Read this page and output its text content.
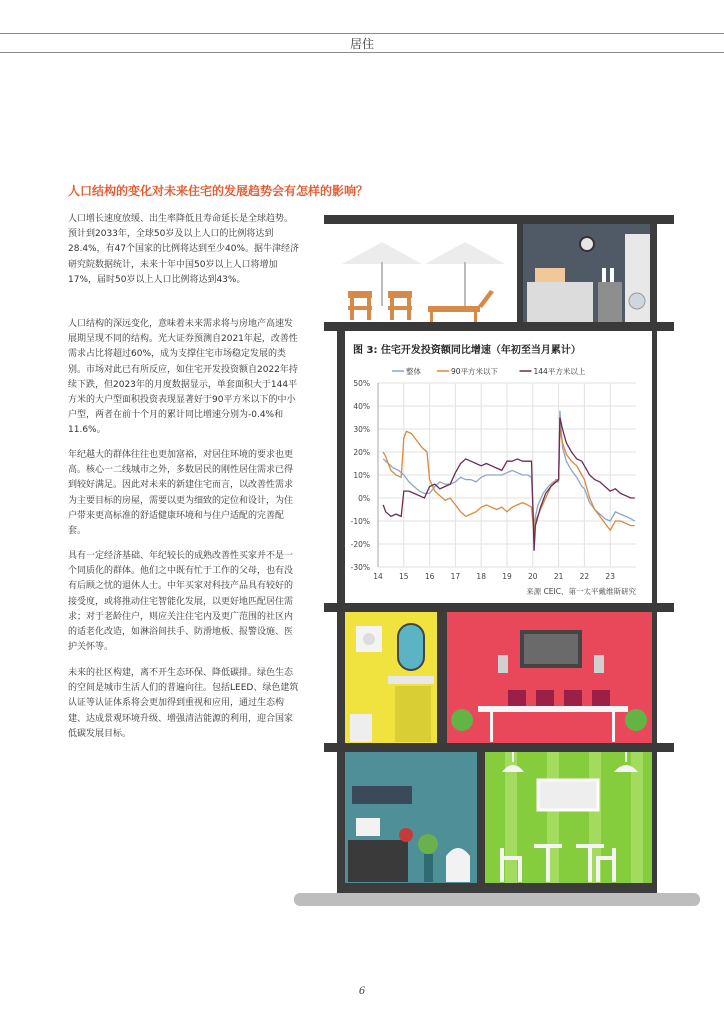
居住
人口结构的变化对未来住宅的发展趋势会有怎样的影响？

人口增长速度放缓、出生率降低且寿命延长是全球趋势。预计到2033年，全球50岁及以上人口的比例将达到28.4%，有47个国家的比例将达到至少40%。据牛津经济研究院数据统计，未来十年中国50岁以上人口将增加17%，届时50岁以上人口比例将达到43%。

人口结构的深远变化，意味着未来需求将与房地产高速发展期呈现不同的结构。光大证券预测自2021年起，改善性需求占比将超过60%，成为支撑住宅市场稳定发展的类别。市场对此已有所反应，如住宅开发投资额自2022年持续下跌，但2023年的月度数据显示，单套面积大于144平方米的大户型面积投资表现显著好于90平方米以下的中小户型，两者在前十个月的累计同比增速分别为-0.4%和11.6%。

年纪越大的群体往往也更加富裕，对居住环境的要求也更高。核心一二线城市之外，多数居民的刚性居住需求已得到较好满足。因此对未来的新建住宅而言，以改善性需求为主要目标的房屋，需要以更为细致的定位和设计，为住户带来更高标准的舒适健康环境和与住户适配的完善配套。

具有一定经济基础、年纪较长的成熟改善性买家并不是一个同质化的群体。他们之中既有忙于工作的父母，也有没有后顾之忧的退休人士。中年买家对科技产品具有较好的接受度，或将推动住宅智能化发展，以更好地匹配居住需求；对于老龄住户，则应关注住宅内及更广范围的社区内的适老化改造，如淋浴间扶手、防滑地板、报警设施、医护关怀等。

未来的社区构建，离不开生态环保、降低碳排。绿色生态的空间是城市生活人们的普遍向往。包括LEED、绿色建筑认证等认证体系将会更加得到重视和应用，通过生态构建、达成景观环境升级、增强清洁能源的利用，迎合国家低碳发展目标。

50%
40%
30%
20%
10%
0%
-10%
-20%
-30%
14 15 16 17 18 19 20 21 22 23
整体	90平方米以下	144平方米以上
来源 CEIC、第一太平戴维斯研究
图 3: 住宅开发投资额同比增速（年初至当月累计）
6
